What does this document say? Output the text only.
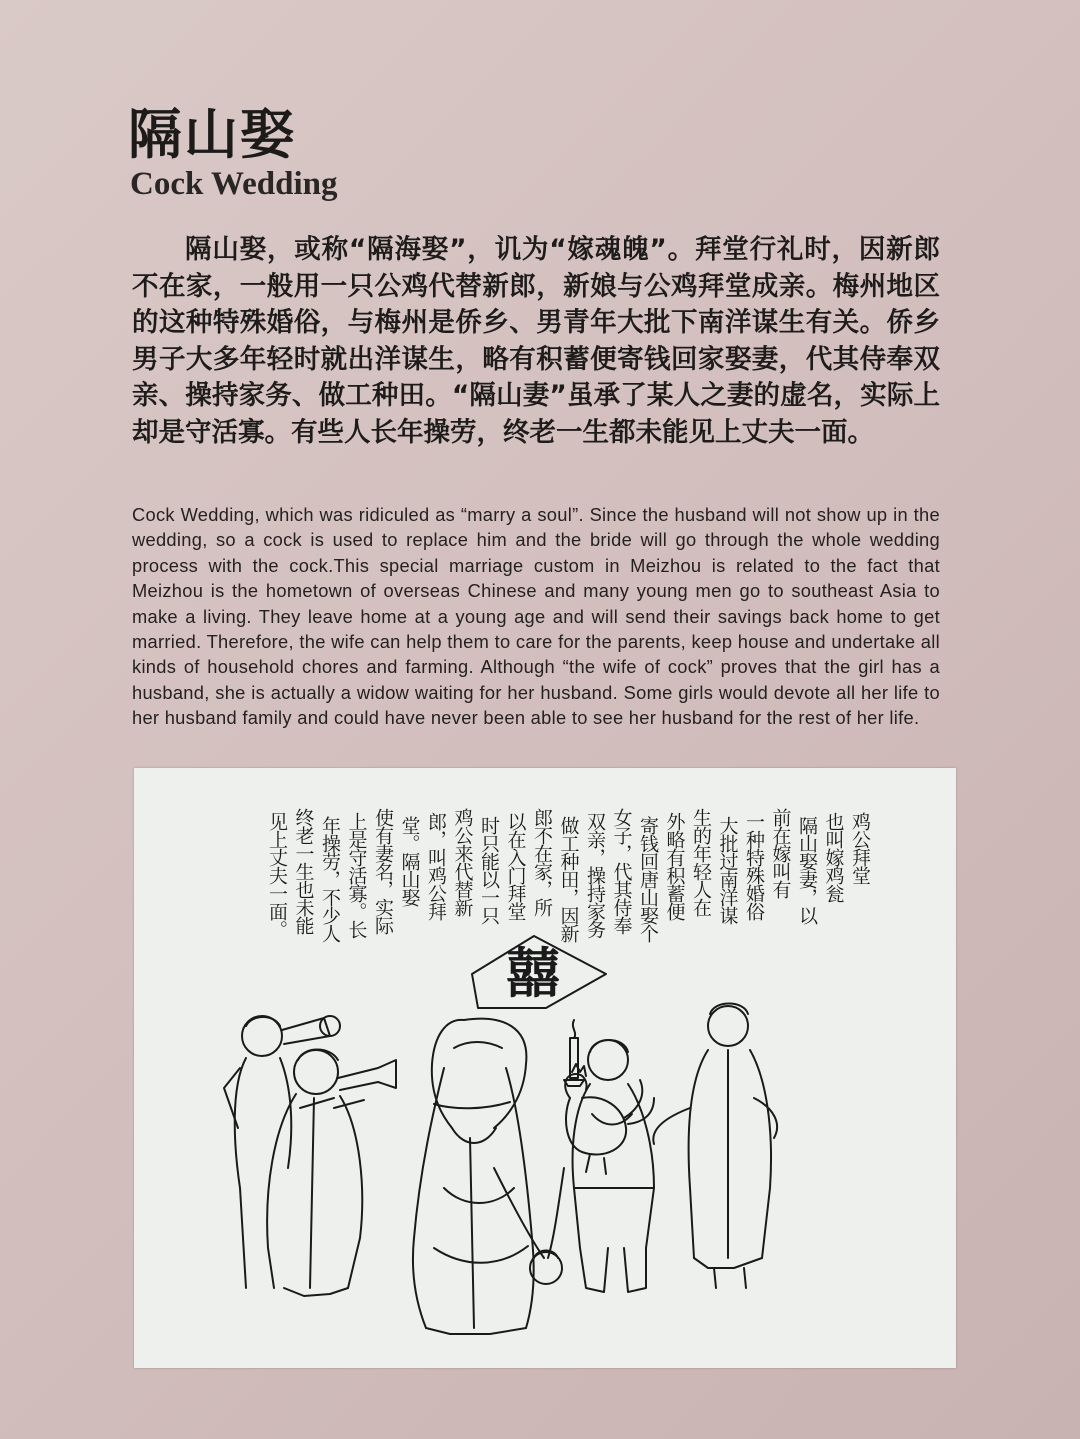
隔山娶
Cock Wedding

隔山娶，或称“隔海娶”，讥为“嫁魂魄”。拜堂行礼时，因新郎不在家，一般用一只公鸡代替新郎，新娘与公鸡拜堂成亲。梅州地区的这种特殊婚俗，与梅州是侨乡、男青年大批下南洋谋生有关。侨乡男子大多年轻时就出洋谋生，略有积蓄便寄钱回家娶妻，代其侍奉双亲、操持家务、做工种田。“隔山妻”虽承了某人之妻的虚名，实际上却是守活寡。有些人长年操劳，终老一生都未能见上丈夫一面。

Cock Wedding, which was ridiculed as “marry a soul”. Since the husband will not show up in the wedding, so a cock is used to replace him and the bride will go through the whole wedding process with the cock.This special marriage custom in Meizhou is related to the fact that Meizhou is the hometown of overseas Chinese and many young men go to southeast Asia to make a living. They leave home at a young age and will send their savings back home to get married. Therefore, the wife can help them to care for the parents, keep house and undertake all kinds of household chores and farming. Although “the wife of cock” proves that the girl has a husband, she is actually a widow waiting for her husband. Some girls would devote all her life to her husband family and could have never been able to see her husband for the rest of her life.

鸡公拜堂
也叫嫁鸡瓮
隔山娶妻，以
前在嫁叫有
一种特殊婚俗
大批过南洋谋
生的年轻人在
外略有积蓄便
寄钱回唐山娶个
女子，代其侍奉
双亲，操持家务
做工种田，因新
郎不在家，所
以在入门拜堂
时只能以一只
鸡公来代替新
郎，叫鸡公拜
堂。隔山娶
使有妻名，实际
上是守活寡。长
年操劳，不少人
终老一生也未能
见上丈夫一面。
囍
